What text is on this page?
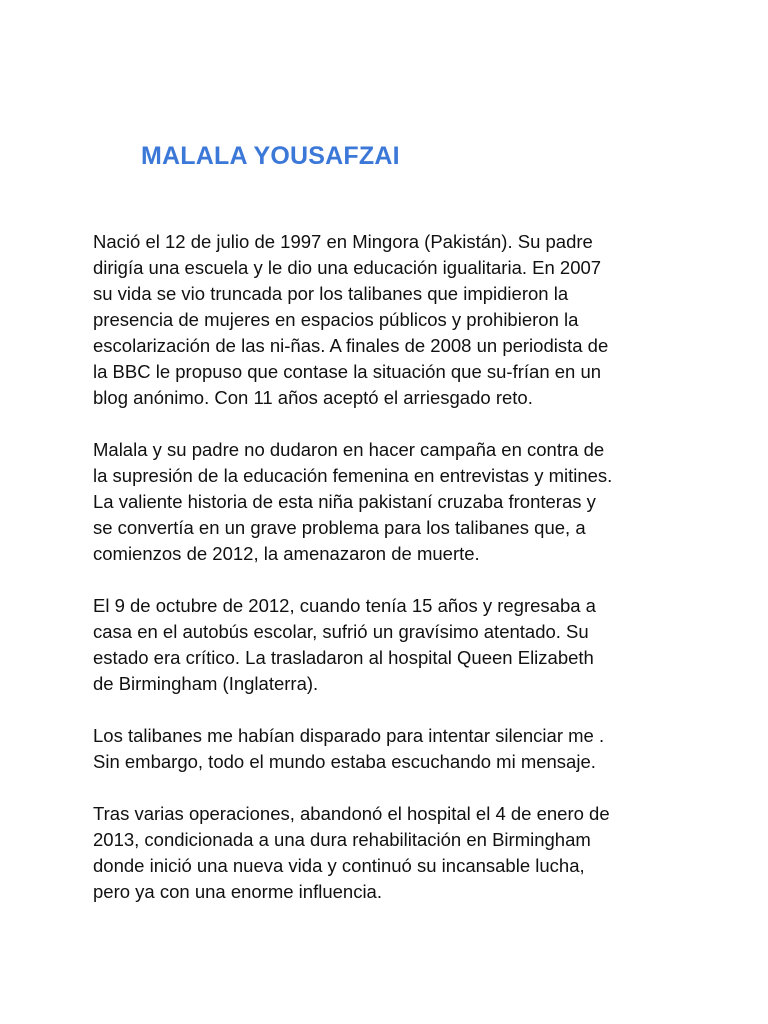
MALALA YOUSAFZAI

Nació el 12 de julio de 1997 en Mingora (Pakistán). Su padre
dirigía una escuela y le dio una educación igualitaria. En 2007
su vida se vio truncada por los talibanes que impidieron la
presencia de mujeres en espacios públicos y prohibieron la
escolarización de las ni-ñas. A finales de 2008 un periodista de
la BBC le propuso que contase la situación que su-frían en un
blog anónimo. Con 11 años aceptó el arriesgado reto.

Malala y su padre no dudaron en hacer campaña en contra de
la supresión de la educación femenina en entrevistas y mitines.
La valiente historia de esta niña pakistaní cruzaba fronteras y
se convertía en un grave problema para los talibanes que, a
comienzos de 2012, la amenazaron de muerte.

El 9 de octubre de 2012, cuando tenía 15 años y regresaba a
casa en el autobús escolar, sufrió un gravísimo atentado. Su
estado era crítico. La trasladaron al hospital Queen Elizabeth
de Birmingham (Inglaterra).

Los talibanes me habían disparado para intentar silenciar me .
Sin embargo, todo el mundo estaba escuchando mi mensaje.

Tras varias operaciones, abandonó el hospital el 4 de enero de
2013, condicionada a una dura rehabilitación en Birmingham
donde inició una nueva vida y continuó su incansable lucha,
pero ya con una enorme influencia.
